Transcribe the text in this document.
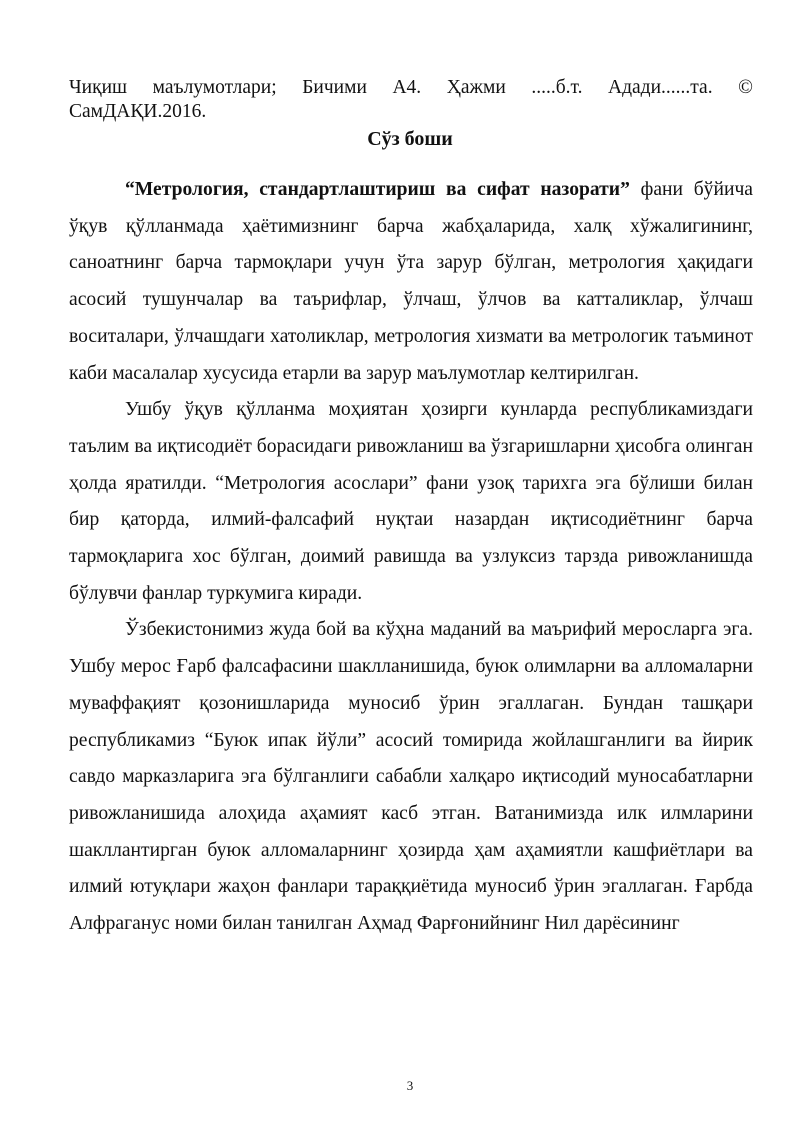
Чиқиш маълумотлари; Бичими А4. Ҳажми .....б.т. Адади......та. ©
СамДАҚИ.2016.
Сўз боши

“Метрология, стандартлаштириш ва сифат назорати” фани бўйича ўқув қўлланмада ҳаётимизнинг барча жабҳаларида, халқ хўжалигининг, саноатнинг барча тармоқлари учун ўта зарур бўлган, метрология ҳақидаги асосий тушунчалар ва таърифлар, ўлчаш, ўлчов ва катталиклар, ўлчаш воситалари, ўлчашдаги хатоликлар, метрология хизмати ва метрологик таъминот каби масалалар хусусида етарли ва зарур маълумотлар келтирилган.

Ушбу ўқув қўлланма моҳиятан ҳозирги кунларда республикамиздаги таълим ва иқтисодиёт борасидаги ривожланиш ва ўзгаришларни ҳисобга олинган ҳолда яратилди. “Метрология асослари” фани узоқ тарихга эга бўлиши билан бир қаторда, илмий-фалсафий нуқтаи назардан иқтисодиётнинг барча тармоқларига хос бўлган, доимий равишда ва узлуксиз тарзда ривожланишда бўлувчи фанлар туркумига киради.

Ўзбекистонимиз жуда бой ва кўҳна маданий ва маърифий меросларга эга. Ушбу мерос Ғарб фалсафасини шаклланишида, буюк олимларни ва алломаларни муваффақият қозонишларида муносиб ўрин эгаллаган. Бундан ташқари республикамиз “Буюк ипак йўли” асосий томирида жойлашганлиги ва йирик савдо марказларига эга бўлганлиги сабабли халқаро иқтисодий муносабатларни ривожланишида алоҳида аҳамият касб этган. Ватанимизда илк илмларини шакллантирган буюк алломаларнинг ҳозирда ҳам аҳамиятли кашфиётлари ва илмий ютуқлари жаҳон фанлари тараққиётида муносиб ўрин эгаллаган. Ғарбда Алфраганус номи билан танилган Аҳмад Фарғонийнинг Нил дарёсининг

3
